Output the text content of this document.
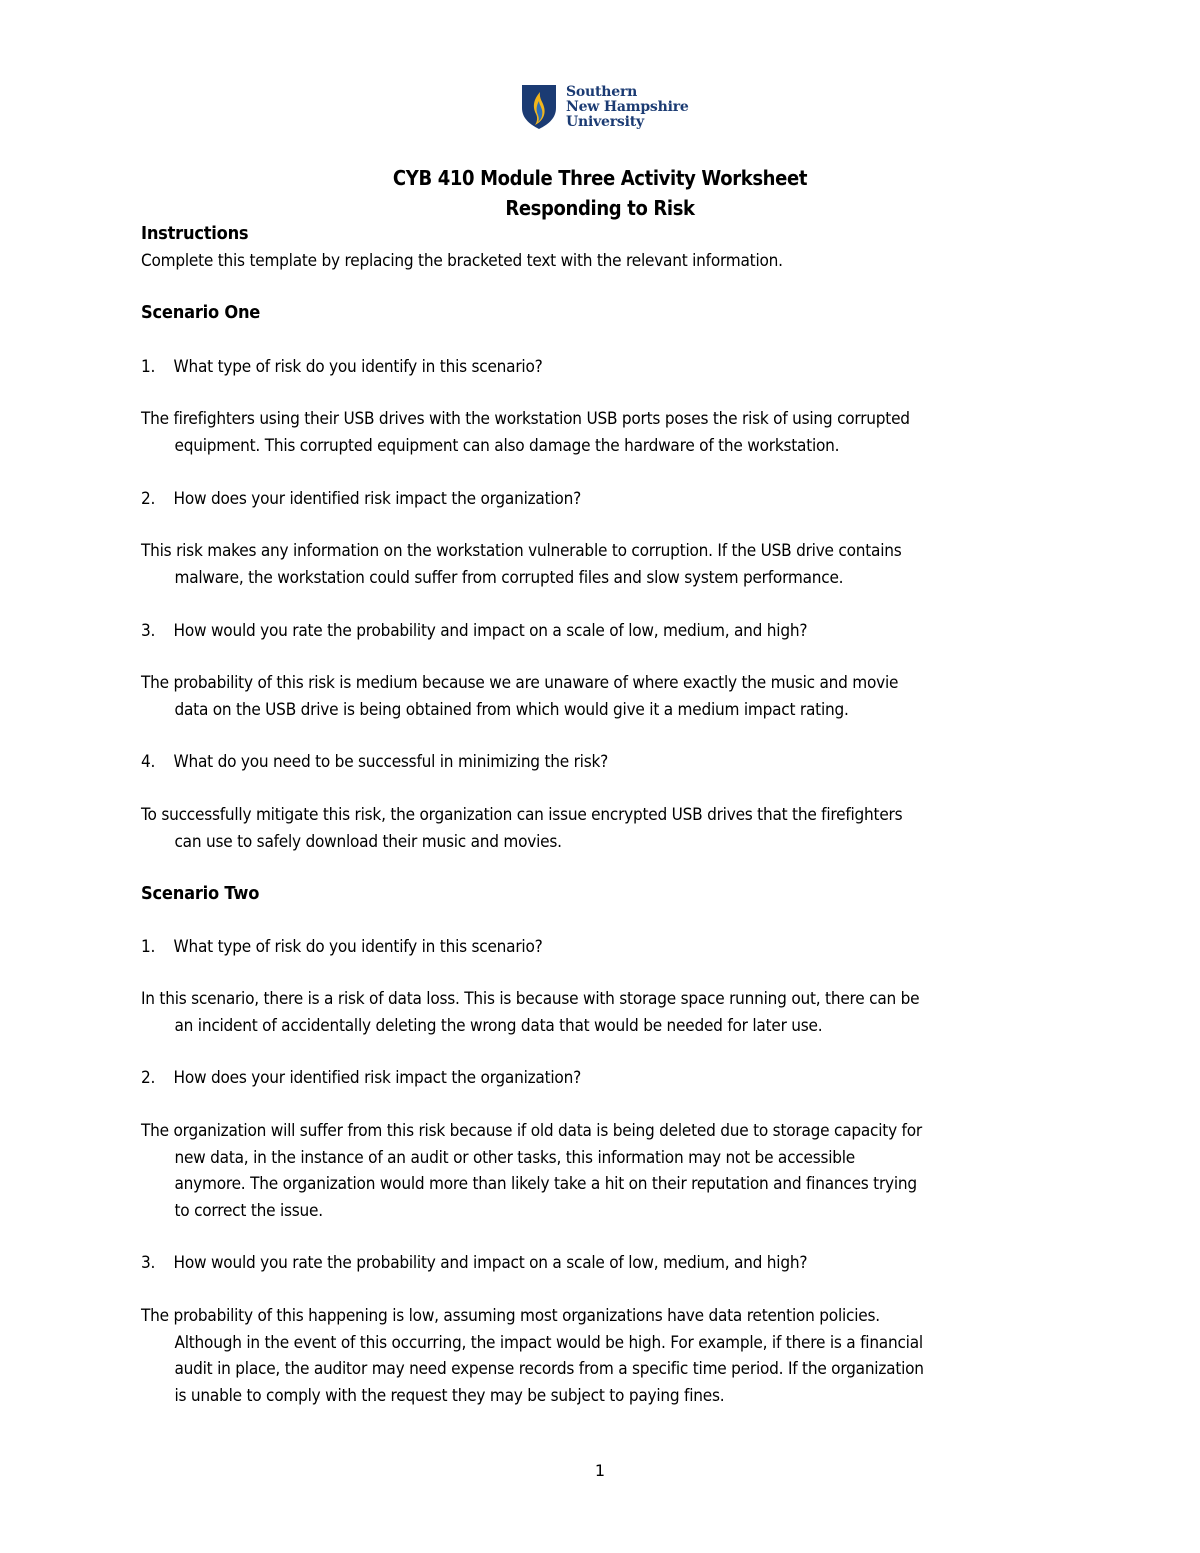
Southern
New Hampshire
University
CYB 410 Module Three Activity Worksheet
Responding to Risk
Instructions
Complete this template by replacing the bracketed text with the relevant information.
Scenario One
1. What type of risk do you identify in this scenario?
The firefighters using their USB drives with the workstation USB ports poses the risk of using corrupted
equipment. This corrupted equipment can also damage the hardware of the workstation.
2. How does your identified risk impact the organization?
This risk makes any information on the workstation vulnerable to corruption. If the USB drive contains
malware, the workstation could suffer from corrupted files and slow system performance.
3. How would you rate the probability and impact on a scale of low, medium, and high?
The probability of this risk is medium because we are unaware of where exactly the music and movie
data on the USB drive is being obtained from which would give it a medium impact rating.
4. What do you need to be successful in minimizing the risk?
To successfully mitigate this risk, the organization can issue encrypted USB drives that the firefighters
can use to safely download their music and movies.
Scenario Two
1. What type of risk do you identify in this scenario?
In this scenario, there is a risk of data loss. This is because with storage space running out, there can be
an incident of accidentally deleting the wrong data that would be needed for later use.
2. How does your identified risk impact the organization?
The organization will suffer from this risk because if old data is being deleted due to storage capacity for
new data, in the instance of an audit or other tasks, this information may not be accessible
anymore. The organization would more than likely take a hit on their reputation and finances trying
to correct the issue.
3. How would you rate the probability and impact on a scale of low, medium, and high?
The probability of this happening is low, assuming most organizations have data retention policies.
Although in the event of this occurring, the impact would be high. For example, if there is a financial
audit in place, the auditor may need expense records from a specific time period. If the organization
is unable to comply with the request they may be subject to paying fines.
1
